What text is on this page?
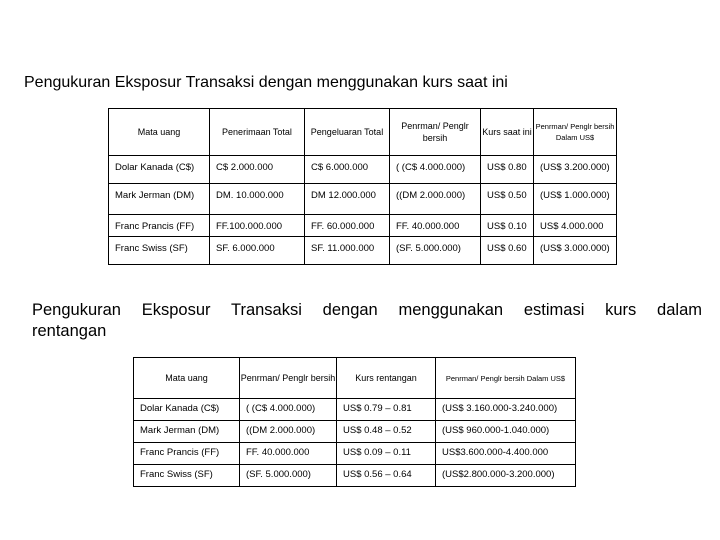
Pengukuran Eksposur Transaksi dengan menggunakan kurs saat ini
Mata uang	Penerimaan Total	Pengeluaran Total	Penrman/ Penglr bersih	Kurs saat ini	Penrman/ Penglr bersih Dalam US$
Dolar Kanada (C$)	C$ 2.000.000	C$ 6.000.000	( (C$ 4.000.000)	US$ 0.80	(US$ 3.200.000)
Mark Jerman (DM)	DM. 10.000.000	DM 12.000.000	((DM 2.000.000)	US$ 0.50	(US$ 1.000.000)
Franc Prancis (FF)	FF.100.000.000	FF. 60.000.000	FF. 40.000.000	US$ 0.10	US$ 4.000.000
Franc Swiss (SF)	SF. 6.000.000	SF. 11.000.000	(SF. 5.000.000)	US$ 0.60	(US$ 3.000.000)
Pengukuran Eksposur Transaksi dengan menggunakan estimasi kurs dalam
rentangan
Mata uang	Penrman/ Penglr bersih	Kurs rentangan	Penrman/ Penglr bersih Dalam US$
Dolar Kanada (C$)	( (C$ 4.000.000)	US$ 0.79 – 0.81	(US$ 3.160.000-3.240.000)
Mark Jerman (DM)	((DM 2.000.000)	US$ 0.48 – 0.52	(US$ 960.000-1.040.000)
Franc Prancis (FF)	FF. 40.000.000	US$ 0.09 – 0.11	US$3.600.000-4.400.000
Franc Swiss (SF)	(SF. 5.000.000)	US$ 0.56 – 0.64	(US$2.800.000-3.200.000)
